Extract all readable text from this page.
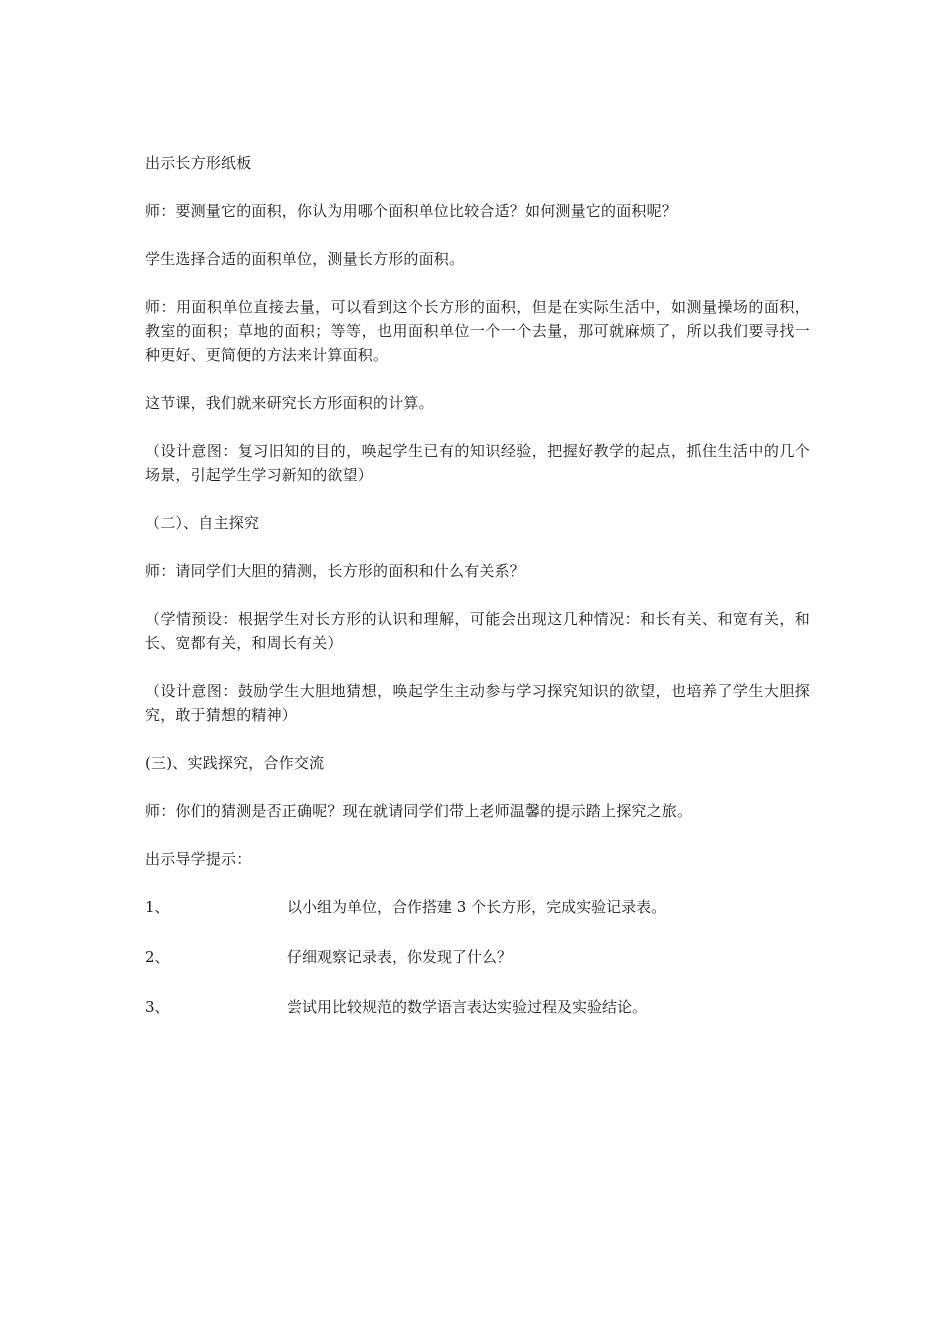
出示长方形纸板

师：要测量它的面积，你认为用哪个面积单位比较合适？如何测量它的面积呢？

学生选择合适的面积单位，测量长方形的面积。

师：用面积单位直接去量，可以看到这个长方形的面积，但是在实际生活中，如测量操场的面积，教室的面积；草地的面积；等等，也用面积单位一个一个去量，那可就麻烦了，所以我们要寻找一种更好、更简便的方法来计算面积。

这节课，我们就来研究长方形面积的计算。

（设计意图：复习旧知的目的，唤起学生已有的知识经验，把握好教学的起点，抓住生活中的几个场景，引起学生学习新知的欲望）

（二）、自主探究

师：请同学们大胆的猜测，长方形的面积和什么有关系？

（学情预设：根据学生对长方形的认识和理解，可能会出现这几种情况：和长有关、和宽有关，和长、宽都有关，和周长有关）

（设计意图：鼓励学生大胆地猜想，唤起学生主动参与学习探究知识的欲望，也培养了学生大胆探究，敢于猜想的精神）

(三)、实践探究，合作交流

师：你们的猜测是否正确呢？现在就请同学们带上老师温馨的提示踏上探究之旅。

出示导学提示：

1、	以小组为单位，合作搭建 3 个长方形，完成实验记录表。
2、	仔细观察记录表，你发现了什么？
3、	尝试用比较规范的数学语言表达实验过程及实验结论。
